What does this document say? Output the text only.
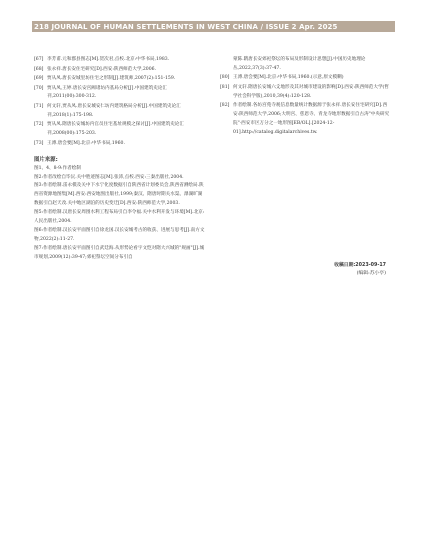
218 JOURNAL OF HUMAN SETTLEMENTS IN WEST CHINA / ISSUE 2 Apr. 2025
[67] 李芳甫.元和郡县图志[M].贺次君,点校.北京:中华书局,1983.
[68] 张永祥.唐长安住宅研究[D].西安:陕西师范大学,2006.
[69] 贾从凤.唐长安城里坊住宅之形制[J].建筑师,2007(2):151-159.
[70] 贾从凤,王婷.唐长安宫阙诸坊内基局分析[J].中国建筑史论汇刊,2011(00):300-312.
[71] 何文轩,贾从凤.唐长安城安仁坊内建筑格局分析[J].中国建筑史论汇刊,2018(1):175-198.
[72] 贾从凤.隋唐长安城坊内官员住宅基址规模之探讨[J].中国建筑史论汇刊,2008(00):175-203.
[73] 王溥.唐会要[M].北京:中华书局,1960.
图片来源:

图1、4、8-9:作者绘制

图2:作者改绘自毕沅.关中胜迹图志[M].张沛,点校.西安:三秦出版社,2004.

图3:作者绘制.雷永模及关中下水宁化度数据引自陕西省计划委员会,陕西省测绘局.陕西省资源地图集[M].西安:西安地图出版社,1999;秦汉、隋唐时期关水渠、瀑湖旷湖数据引自赵天改.关中地区湖泊的历史变迁[D].西安:陕西师范大学,2003.

图5:作者绘制.汉唐长安周围水利工程布局引自李令福.关中水利开发与环境[M].北京:人民出版社,2004.

图6:作者绘制.汉长安平面图引自徐龙国.汉长安城考古的收获、进展与思考[J].南方文物,2022(2):11-27.

图7:作者绘制.唐长安平面图引自武廷海.从形势论看宇文恺对隋大兴城的"规画"[J].城市规划,2009(12):39-47;郊祀祭坛空间分布引自

蒙陈.隋唐长安郊祀祭坛的布局及形制设计思想[J].中国历史地理论丛,2022,37(3):37-47.
[80] 王溥.唐会要[M].北京:中华书局,1960.(示意,原文模糊)
[81] 何文轩.隋唐长安城六爻地形及其对城市建设的影响[D].西安:陕西师范大学(哲学社会科学版),2010,39(4):120-128.
[82] 作者绘制.各坊宫苑寺观信息数量统计数据源于张永祥.唐长安住宅研究[D].西安:陕西师范大学,2006;大明宫、慈恩寺、青龙寺地形数据引自古涛"中央研究院"·西安市区万分之一地形图[EB/OL].[2024-12-01].http://catalog.digitalarchives.tw.
收稿日期:2023-09-17
(编辑:苏小亭)
